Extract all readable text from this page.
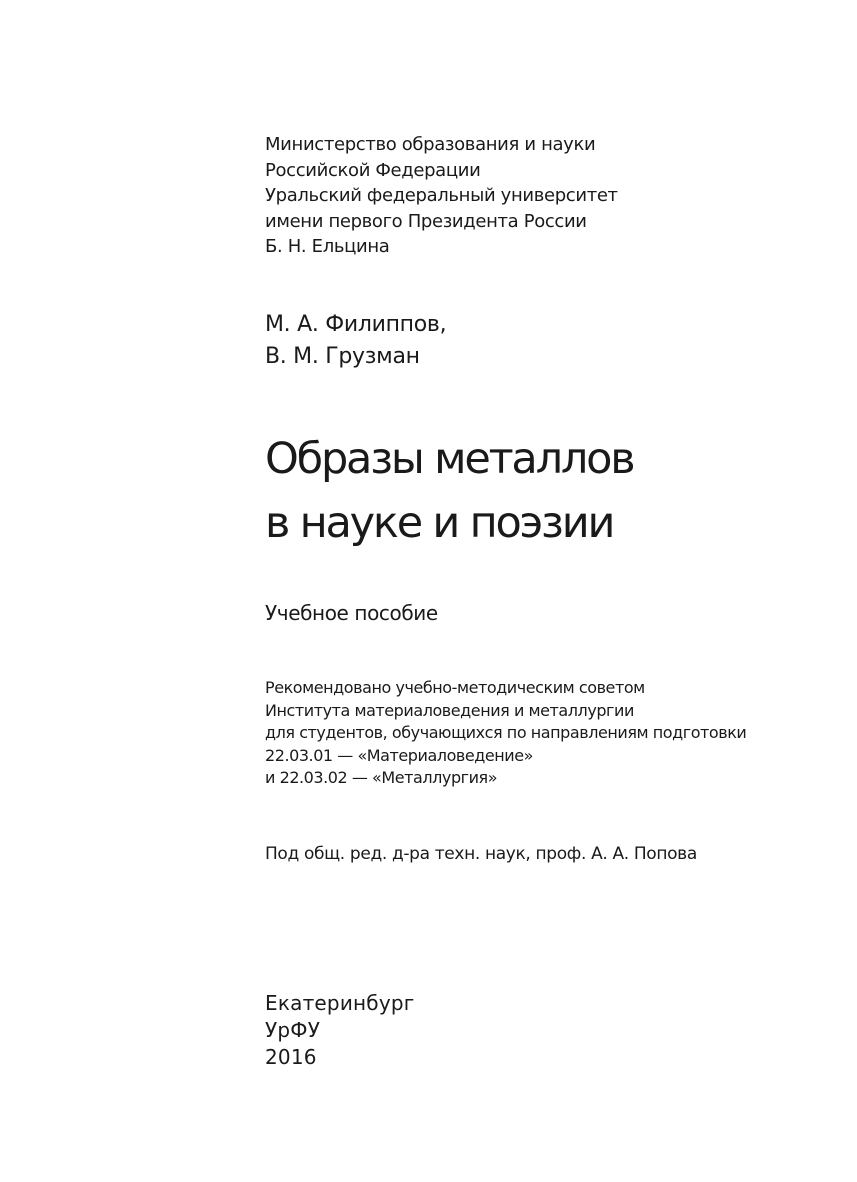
Министерство образования и науки
Российской Федерации
Уральский федеральный университет
имени первого Президента России
Б. Н. Ельцина
М. А. Филиппов,
В. М. Грузман
Образы металлов
в науке и поэзии
Учебное пособие
Рекомендовано учебно-методическим советом
Института материаловедения и металлургии
для студентов, обучающихся по направлениям подготовки
22.03.01 — «Материаловедение»
и 22.03.02 — «Металлургия»
Под общ. ред. д-ра техн. наук, проф. А. А. Попова
Екатеринбург
УрФУ
2016
